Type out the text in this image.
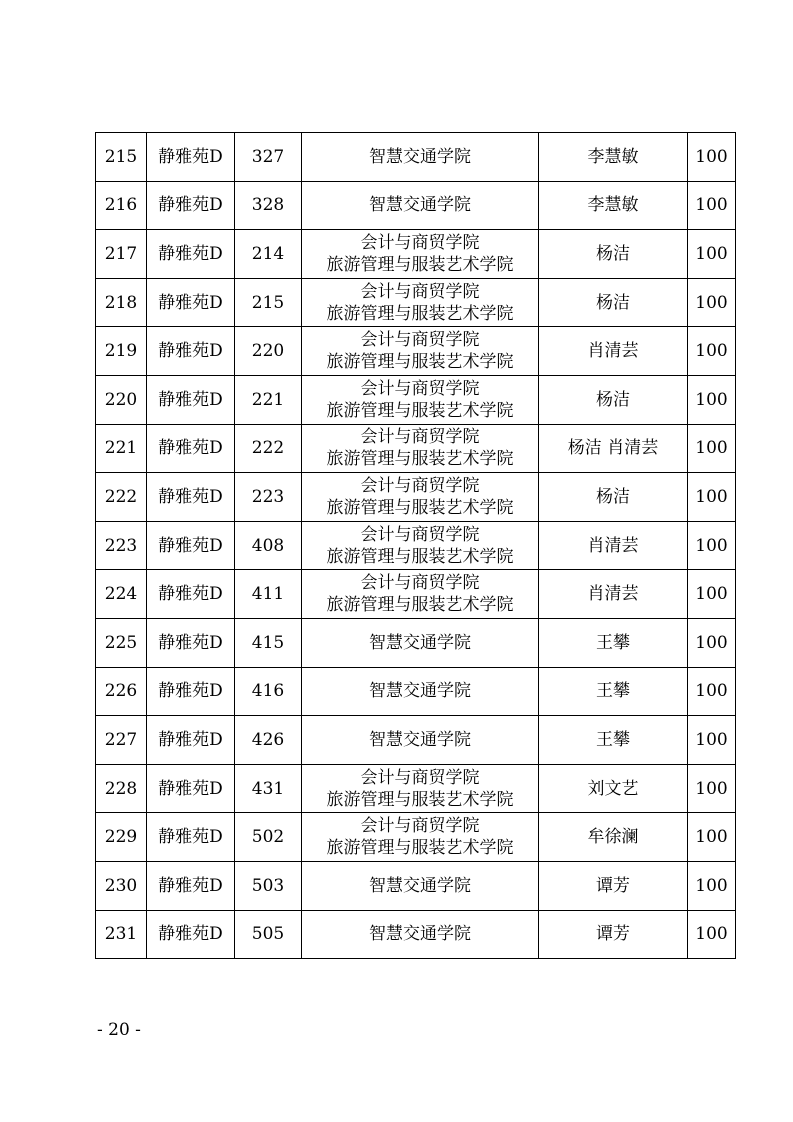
215	静雅苑D	327	智慧交通学院	李慧敏	100
216	静雅苑D	328	智慧交通学院	李慧敏	100
217	静雅苑D	214	会计与商贸学院
旅游管理与服装艺术学院	杨洁	100
218	静雅苑D	215	会计与商贸学院
旅游管理与服装艺术学院	杨洁	100
219	静雅苑D	220	会计与商贸学院
旅游管理与服装艺术学院	肖清芸	100
220	静雅苑D	221	会计与商贸学院
旅游管理与服装艺术学院	杨洁	100
221	静雅苑D	222	会计与商贸学院
旅游管理与服装艺术学院	杨洁 肖清芸	100
222	静雅苑D	223	会计与商贸学院
旅游管理与服装艺术学院	杨洁	100
223	静雅苑D	408	会计与商贸学院
旅游管理与服装艺术学院	肖清芸	100
224	静雅苑D	411	会计与商贸学院
旅游管理与服装艺术学院	肖清芸	100
225	静雅苑D	415	智慧交通学院	王攀	100
226	静雅苑D	416	智慧交通学院	王攀	100
227	静雅苑D	426	智慧交通学院	王攀	100
228	静雅苑D	431	会计与商贸学院
旅游管理与服装艺术学院	刘文艺	100
229	静雅苑D	502	会计与商贸学院
旅游管理与服装艺术学院	牟徐澜	100
230	静雅苑D	503	智慧交通学院	谭芳	100
231	静雅苑D	505	智慧交通学院	谭芳	100
- 20 -
